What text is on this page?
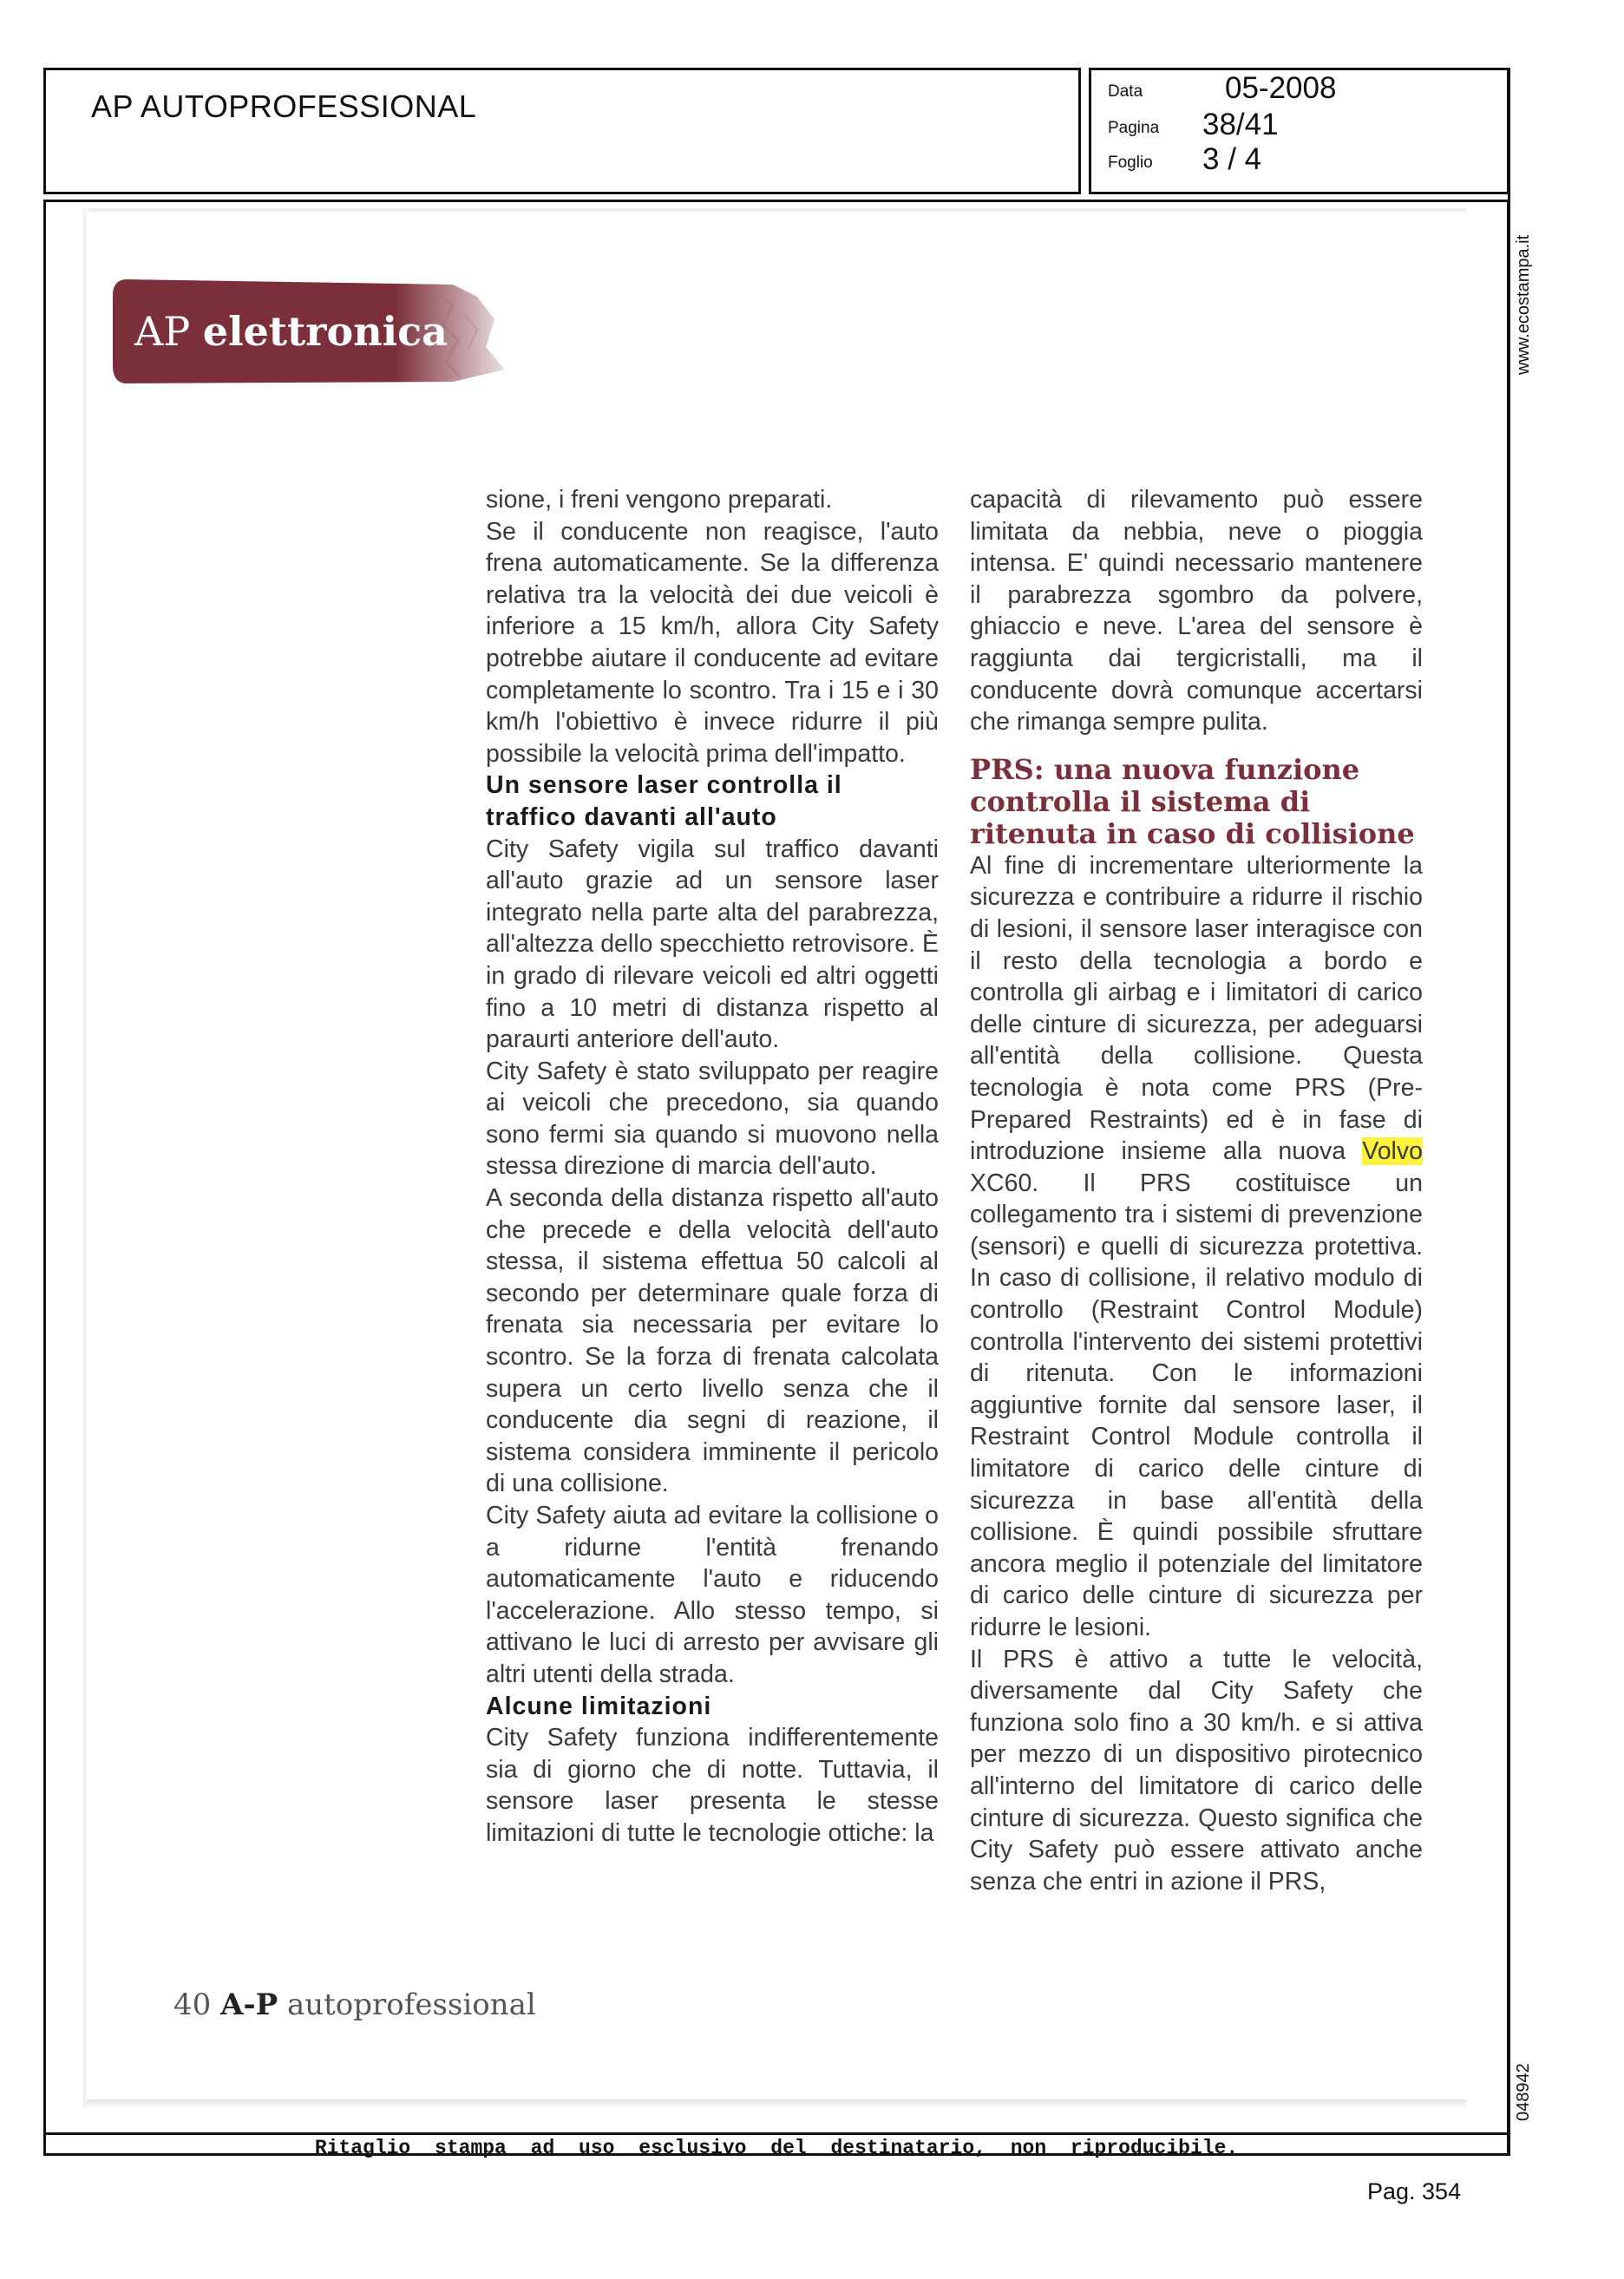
AP AUTOPROFESSIONAL	Data	05-2008
Pagina 38/41
Foglio 3 / 4
www.ecostampa.it
048942
AP elettronica

sione, i freni vengono preparati.

Se il conducente non reagisce, l'auto frena automaticamente. Se la differenza relativa tra la velocità dei due veicoli è inferiore a 15 km/h, allora City Safety potrebbe aiutare il conducente ad evitare completamente lo scontro. Tra i 15 e i 30 km/h l'obiettivo è invece ridurre il più possibile la velocità prima dell'impatto.

Un sensore laser controlla il traffico davanti all'auto

City Safety vigila sul traffico davanti all'auto grazie ad un sensore laser integrato nella parte alta del parabrezza, all'altezza dello specchietto retrovisore. È in grado di rilevare veicoli ed altri oggetti fino a 10 metri di distanza rispetto al paraurti anteriore dell'auto.

City Safety è stato sviluppato per reagire ai veicoli che precedono, sia quando sono fermi sia quando si muovono nella stessa direzione di marcia dell'auto.

A seconda della distanza rispetto all'auto che precede e della velocità dell'auto stessa, il sistema effettua 50 calcoli al secondo per determinare quale forza di frenata sia necessaria per evitare lo scontro. Se la forza di frenata calcolata supera un certo livello senza che il conducente dia segni di reazione, il sistema considera imminente il pericolo di una collisione.

City Safety aiuta ad evitare la collisione o a ridurne l'entità frenando automaticamente l'auto e riducendo l'accelerazione. Allo stesso tempo, si attivano le luci di arresto per avvisare gli altri utenti della strada.

Alcune limitazioni

City Safety funziona indifferentemente sia di giorno che di notte. Tuttavia, il sensore laser presenta le stesse limitazioni di tutte le tecnologie ottiche: la

capacità di rilevamento può essere limitata da nebbia, neve o pioggia intensa. E' quindi necessario mantenere il parabrezza sgombro da polvere, ghiaccio e neve. L'area del sensore è raggiunta dai tergicristalli, ma il conducente dovrà comunque accertarsi che rimanga sempre pulita.

PRS: una nuova funzione controlla il sistema di ritenuta in caso di collisione

Al fine di incrementare ulteriormente la sicurezza e contribuire a ridurre il rischio di lesioni, il sensore laser interagisce con il resto della tecnologia a bordo e controlla gli airbag e i limitatori di carico delle cinture di sicurezza, per adeguarsi all'entità della collisione. Questa tecnologia è nota come PRS (Pre-Prepared Restraints) ed è in fase di introduzione insieme alla nuova Volvo XC60. Il PRS costituisce un collegamento tra i sistemi di prevenzione (sensori) e quelli di sicurezza protettiva. In caso di collisione, il relativo modulo di controllo (Restraint Control Module) controlla l'intervento dei sistemi protettivi di ritenuta. Con le informazioni aggiuntive fornite dal sensore laser, il Restraint Control Module controlla il limitatore di carico delle cinture di sicurezza in base all'entità della collisione. È quindi possibile sfruttare ancora meglio il potenziale del limitatore di carico delle cinture di sicurezza per ridurre le lesioni.

Il PRS è attivo a tutte le velocità, diversamente dal City Safety che funziona solo fino a 30 km/h. e si attiva per mezzo di un dispositivo pirotecnico all'interno del limitatore di carico delle cinture di sicurezza. Questo significa che City Safety può essere attivato anche senza che entri in azione il PRS,

40 A-P autoprofessional
Ritaglio stampa ad uso esclusivo del destinatario, non riproducibile.
Pag. 354
